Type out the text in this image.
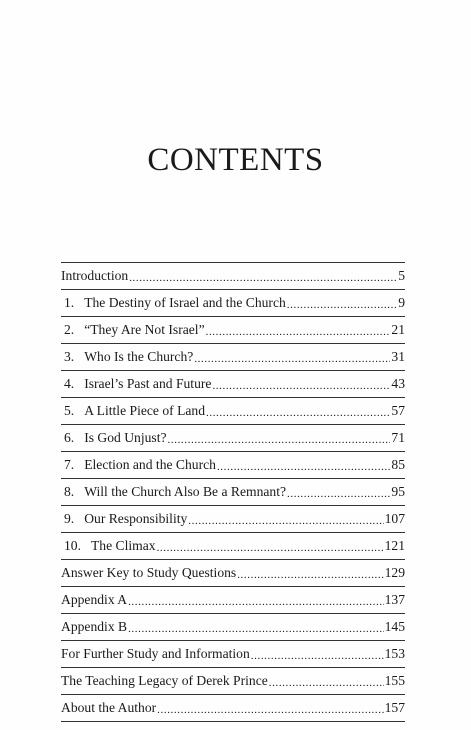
CONTENTS
Introduction .....	5
1. The Destiny of Israel and the Church .....	9
2. “They Are Not Israel” .....	21
3. Who Is the Church? .....	31
4. Israel’s Past and Future .....	43
5. A Little Piece of Land .....	57
6. Is God Unjust? .....	71
7. Election and the Church .....	85
8. Will the Church Also Be a Remnant? .....	95
9. Our Responsibility .....	107
10. The Climax .....	121
Answer Key to Study Questions .....	129
Appendix A .....	137
Appendix B .....	145
For Further Study and Information .....	153
The Teaching Legacy of Derek Prince .....	155
About the Author .....	157
